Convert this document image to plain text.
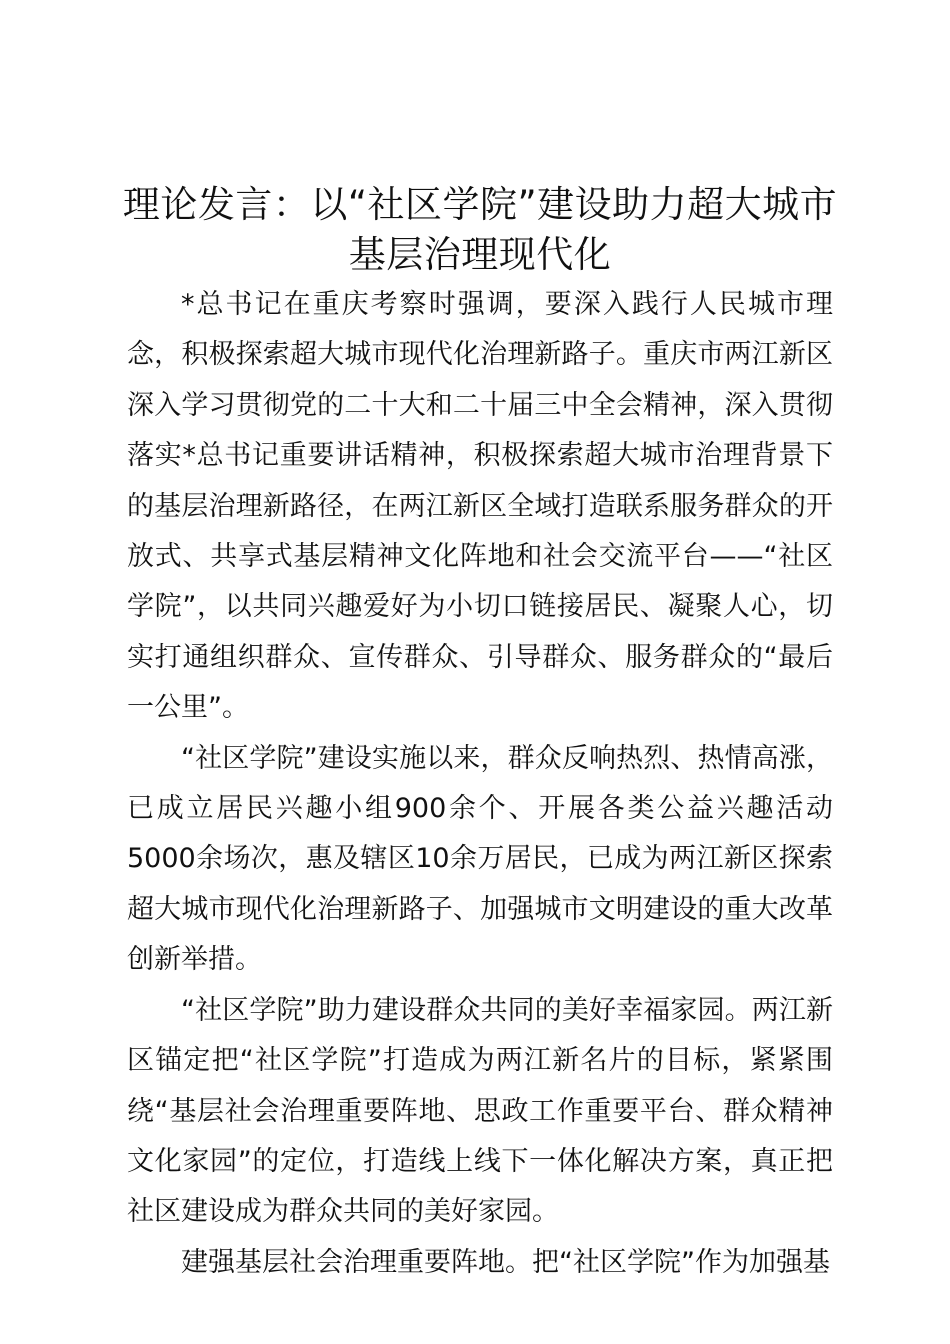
理论发言：以“社区学院”建设助力超大城市
基层治理现代化

*总书记在重庆考察时强调，要深入践行人民城市理念，积极探索超大城市现代化治理新路子。重庆市两江新区深入学习贯彻党的二十大和二十届三中全会精神，深入贯彻落实*总书记重要讲话精神，积极探索超大城市治理背景下的基层治理新路径，在两江新区全域打造联系服务群众的开放式、共享式基层精神文化阵地和社会交流平台——“社区学院”，以共同兴趣爱好为小切口链接居民、凝聚人心，切实打通组织群众、宣传群众、引导群众、服务群众的“最后一公里”。

“社区学院”建设实施以来，群众反响热烈、热情高涨，已成立居民兴趣小组900余个、开展各类公益兴趣活动5000余场次，惠及辖区10余万居民，已成为两江新区探索超大城市现代化治理新路子、加强城市文明建设的重大改革创新举措。

“社区学院”助力建设群众共同的美好幸福家园。两江新区锚定把“社区学院”打造成为两江新名片的目标，紧紧围绕“基层社会治理重要阵地、思政工作重要平台、群众精神文化家园”的定位，打造线上线下一体化解决方案，真正把社区建设成为群众共同的美好家园。

建强基层社会治理重要阵地。把“社区学院”作为加强基
